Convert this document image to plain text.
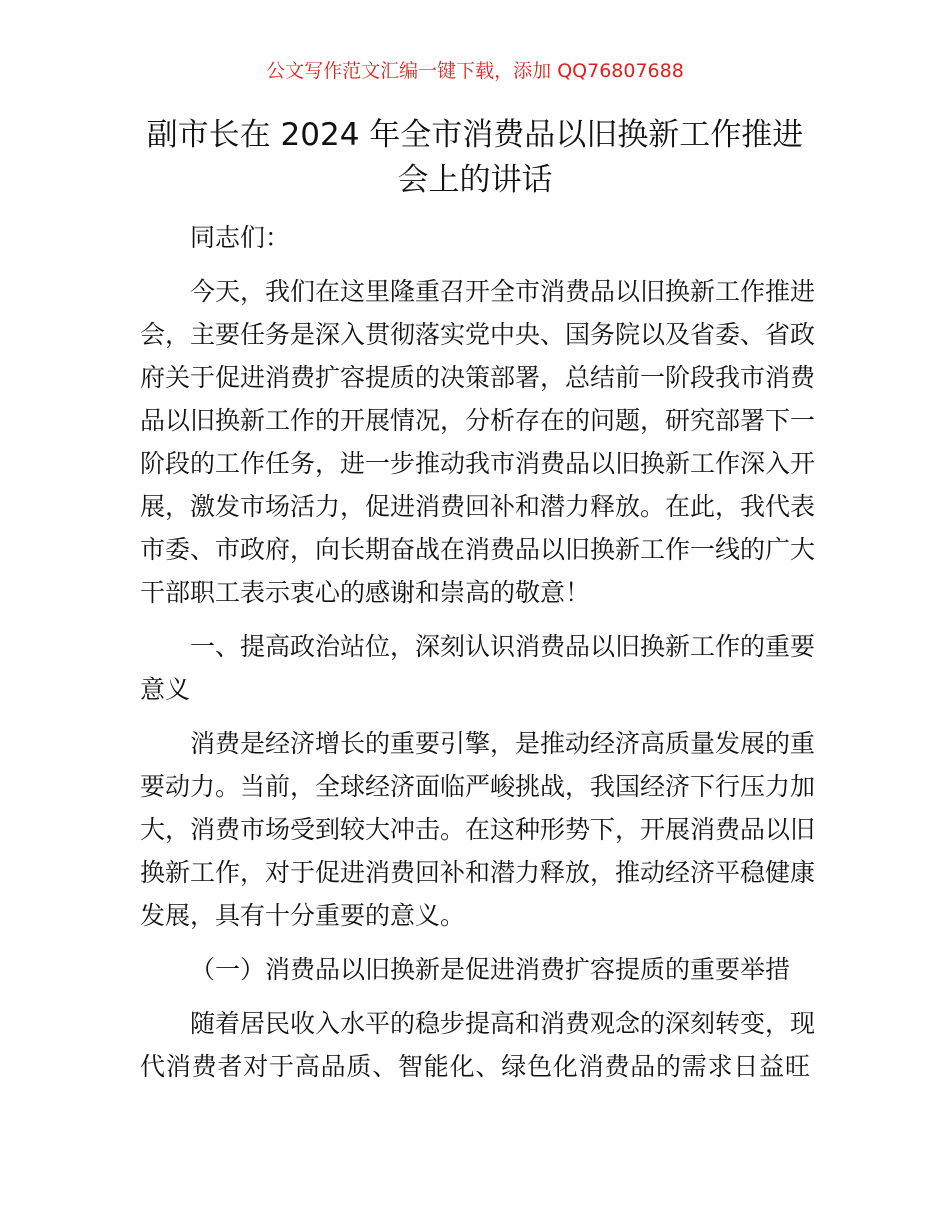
公文写作范文汇编一键下载，添加 QQ76807688
副市长在 2024 年全市消费品以旧换新工作推进
会上的讲话
同志们：
今天，我们在这里隆重召开全市消费品以旧换新工作推进
会，主要任务是深入贯彻落实党中央、国务院以及省委、省政
府关于促进消费扩容提质的决策部署，总结前一阶段我市消费
品以旧换新工作的开展情况，分析存在的问题，研究部署下一
阶段的工作任务，进一步推动我市消费品以旧换新工作深入开
展，激发市场活力，促进消费回补和潜力释放。在此，我代表
市委、市政府，向长期奋战在消费品以旧换新工作一线的广大
干部职工表示衷心的感谢和崇高的敬意！
一、提高政治站位，深刻认识消费品以旧换新工作的重要
意义
消费是经济增长的重要引擎，是推动经济高质量发展的重
要动力。当前，全球经济面临严峻挑战，我国经济下行压力加
大，消费市场受到较大冲击。在这种形势下，开展消费品以旧
换新工作，对于促进消费回补和潜力释放，推动经济平稳健康
发展，具有十分重要的意义。
（一）消费品以旧换新是促进消费扩容提质的重要举措
随着居民收入水平的稳步提高和消费观念的深刻转变，现
代消费者对于高品质、智能化、绿色化消费品的需求日益旺
